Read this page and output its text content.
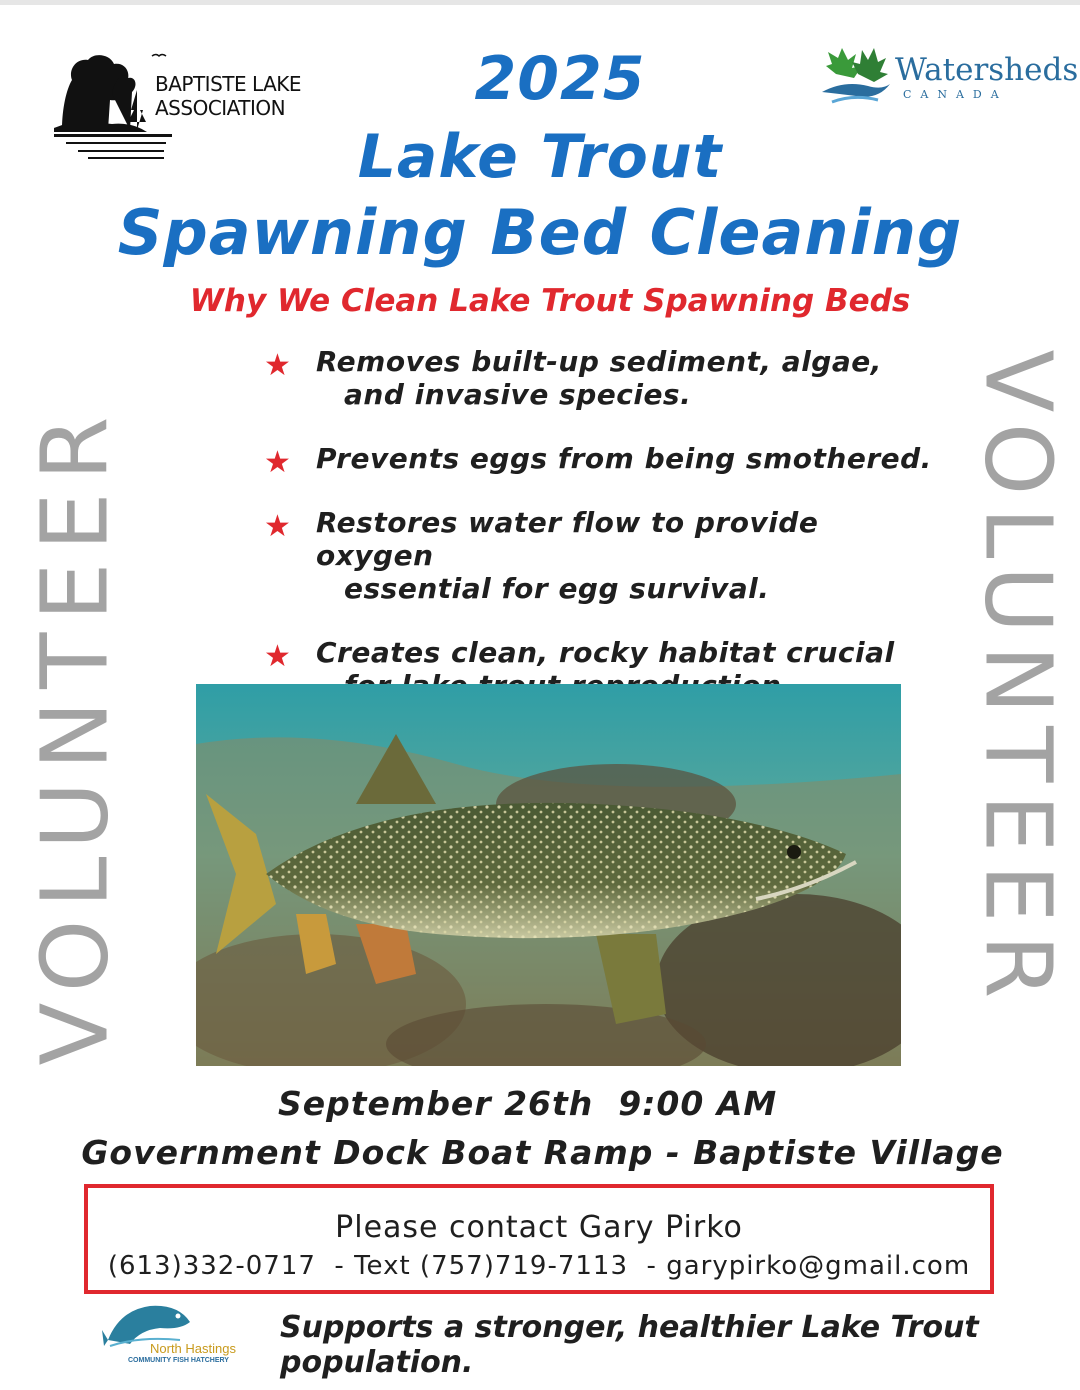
BAPTISTE LAKE
ASSOCIATION
Watersheds
CANADA
2025
Lake Trout
Spawning Bed Cleaning
Why We Clean Lake Trout Spawning Beds
★ Removes built-up sediment, algae,
and invasive species.
★ Prevents eggs from being smothered.
★ Restores water flow to provide oxygen
essential for egg survival.
★ Creates clean, rocky habitat crucial
VOLUNTEER	VOLUNTEER
September 26th  9:00 AM
Government Dock Boat Ramp - Baptiste Village
Please contact Gary Pirko
(613)332-0717  - Text (757)719-7113  - garypirko@gmail.com
North Hastings
COMMUNITY FISH HATCHERY
Supports a stronger, healthier Lake Trout population.
